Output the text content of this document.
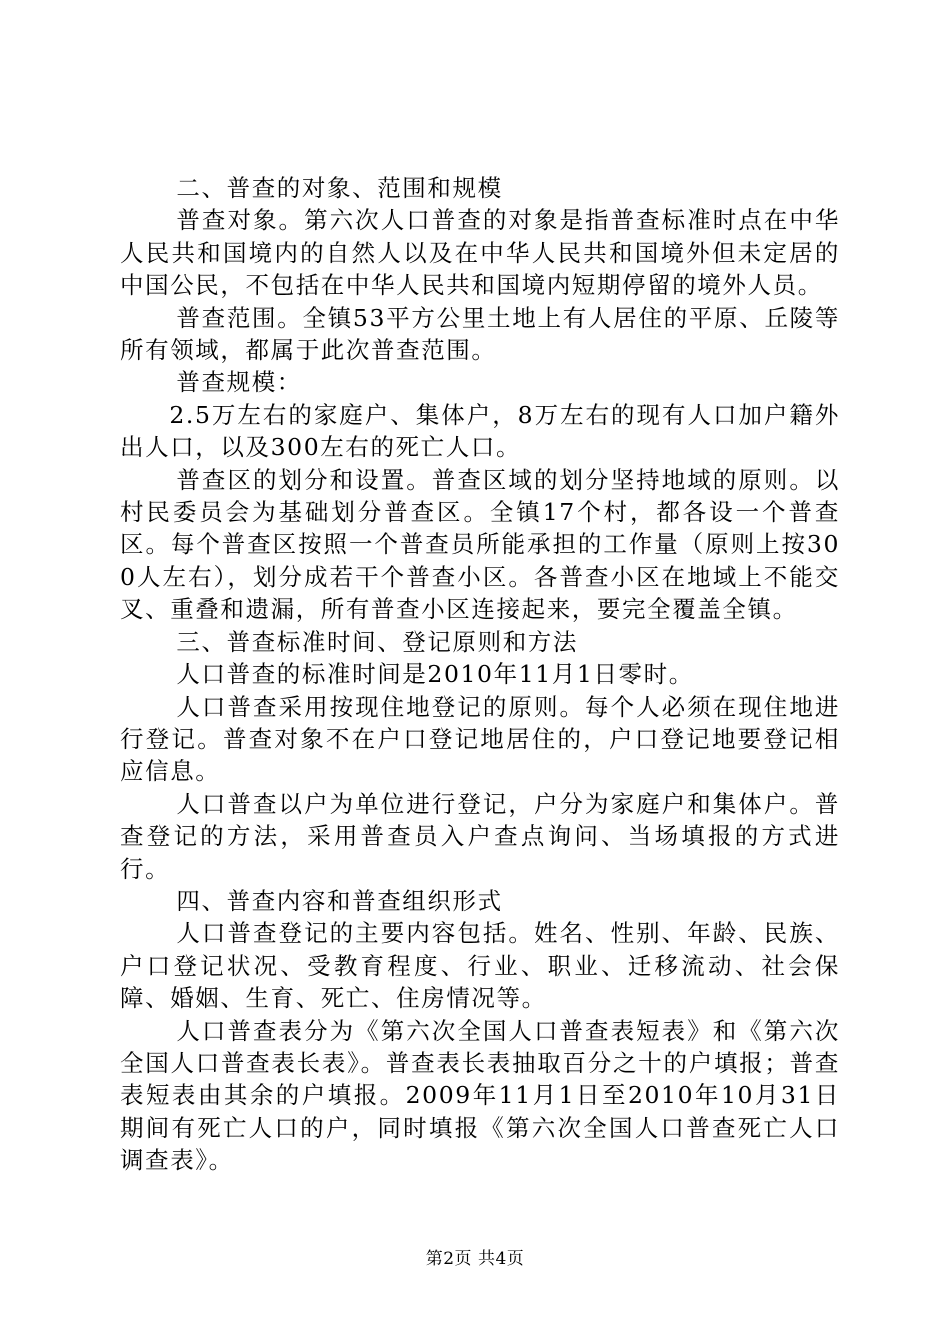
二、普查的对象、范围和规模

普查对象。第六次人口普查的对象是指普查标准时点在中华人民共和国境内的自然人以及在中华人民共和国境外但未定居的中国公民，不包括在中华人民共和国境内短期停留的境外人员。

普查范围。全镇53平方公里土地上有人居住的平原、丘陵等所有领域，都属于此次普查范围。

普查规模：

2.5万左右的家庭户、集体户，8万左右的现有人口加户籍外出人口，以及300左右的死亡人口。

普查区的划分和设置。普查区域的划分坚持地域的原则。以村民委员会为基础划分普查区。全镇17个村，都各设一个普查区。每个普查区按照一个普查员所能承担的工作量（原则上按300人左右），划分成若干个普查小区。各普查小区在地域上不能交叉、重叠和遗漏，所有普查小区连接起来，要完全覆盖全镇。

三、普查标准时间、登记原则和方法

人口普查的标准时间是2010年11月1日零时。

人口普查采用按现住地登记的原则。每个人必须在现住地进行登记。普查对象不在户口登记地居住的，户口登记地要登记相应信息。

人口普查以户为单位进行登记，户分为家庭户和集体户。普查登记的方法，采用普查员入户查点询问、当场填报的方式进行。

四、普查内容和普查组织形式

人口普查登记的主要内容包括。姓名、性别、年龄、民族、户口登记状况、受教育程度、行业、职业、迁移流动、社会保障、婚姻、生育、死亡、住房情况等。

人口普查表分为《第六次全国人口普查表短表》和《第六次全国人口普查表长表》。普查表长表抽取百分之十的户填报；普查表短表由其余的户填报。2009年11月1日至2010年10月31日期间有死亡人口的户，同时填报《第六次全国人口普查死亡人口调查表》。

第2页 共4页
